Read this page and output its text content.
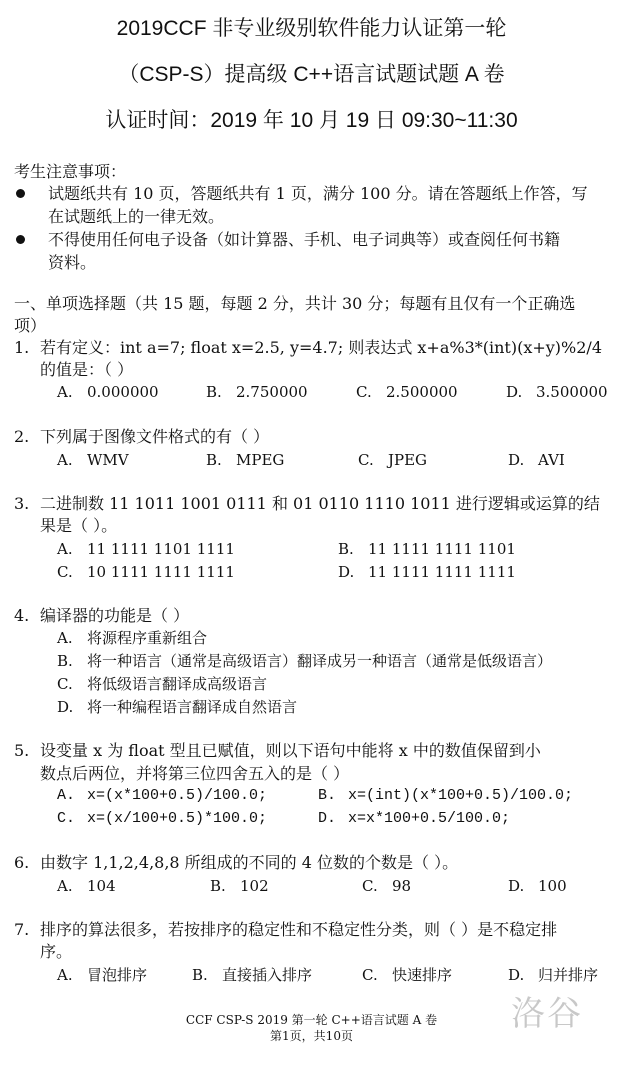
2019CCF 非专业级别软件能力认证第一轮
（CSP-S）提高级 C++语言试题试题 A 卷
认证时间：2019 年 10 月 19 日 09:30~11:30
考生注意事项：
试题纸共有 10 页，答题纸共有 1 页，满分 100 分。请在答题纸上作答，写
在试题纸上的一律无效。
不得使用任何电子设备（如计算器、手机、电子词典等）或查阅任何书籍
资料。
一、单项选择题（共 15 题，每题 2 分，共计 30 分；每题有且仅有一个正确选
项）
1. 若有定义：int a=7; float x=2.5, y=4.7; 则表达式 x+a%3*(int)(x+y)%2/4
的值是：（ ）
A. 0.000000	B. 2.750000	C. 2.500000	D. 3.500000
2. 下列属于图像文件格式的有（ ）
A. WMV	B. MPEG	C. JPEG	D. AVI
3. 二进制数 11 1011 1001 0111 和 01 0110 1110 1011 进行逻辑或运算的结
果是（ ）。
A. 11 1111 1101 1111	B. 11 1111 1111 1101
C. 10 1111 1111 1111	D. 11 1111 1111 1111
4. 编译器的功能是（ ）
A. 将源程序重新组合
B. 将一种语言（通常是高级语言）翻译成另一种语言（通常是低级语言）
C. 将低级语言翻译成高级语言
D. 将一种编程语言翻译成自然语言
5. 设变量 x 为 float 型且已赋值，则以下语句中能将 x 中的数值保留到小
数点后两位，并将第三位四舍五入的是（ ）
A. x=(x*100+0.5)/100.0;	B. x=(int)(x*100+0.5)/100.0;
C. x=(x/100+0.5)*100.0;	D. x=x*100+0.5/100.0;
6. 由数字 1,1,2,4,8,8 所组成的不同的 4 位数的个数是（ ）。
A. 104	B. 102	C. 98	D. 100
7. 排序的算法很多，若按排序的稳定性和不稳定性分类，则（ ）是不稳定排
序。
A. 冒泡排序	B. 直接插入排序	C. 快速排序	D. 归并排序
洛谷
CCF CSP-S 2019 第一轮 C++语言试题 A 卷
第1页，共10页
